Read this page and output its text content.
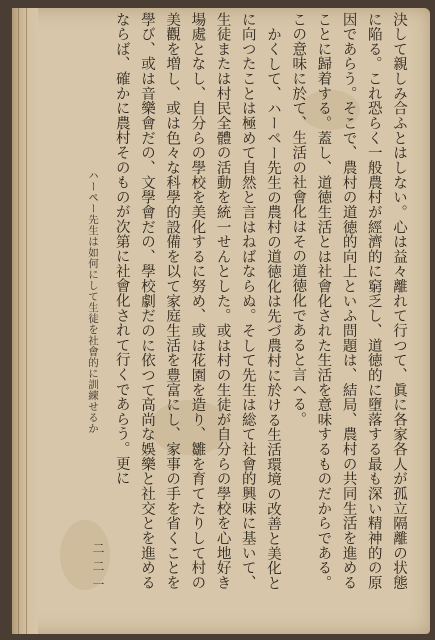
決して親しみ合ふとはしない。心は益々離れて行つて、眞に各家各人が孤立隔離の状態に陥る。これ恐らく一般農村が經濟的に窮乏し、道徳的に墮落する最も深い精神的の原因であらう。そこで、農村の道徳的向上といふ問題は、結局、農村の共同生活を進めることに歸着する。蓋し、道徳生活とは社會化された生活を意味するものだからである。この意味に於て、生活の社會化はその道徳化であると言へる。

かくして、ハーペー先生の農村の道徳化は先づ農村に於ける生活環境の改善と美化とに向つたことは極めて自然と言はねばならぬ。そして先生は総て社會的興味に基いて、生徒または村民全體の活動を統一せんとした。或は村の生徒が自分らの學校を心地好き場處となし、自分らの學校を美化するに努め、或は花園を造り、雛を育てたりして村の美觀を増し、或は色々な科學的設備を以て家庭生活を豊富にし、家事の手を省くことを學び、或は音樂會だの、文學會だの、學校劇だのに依つて高尚な娛樂と社交とを進めるならば、確かに農村そのものが次第に社會化されて行くであらう。更に

ハーペー先生は如何にして生徒を社會的に訓練せるか
二二一
